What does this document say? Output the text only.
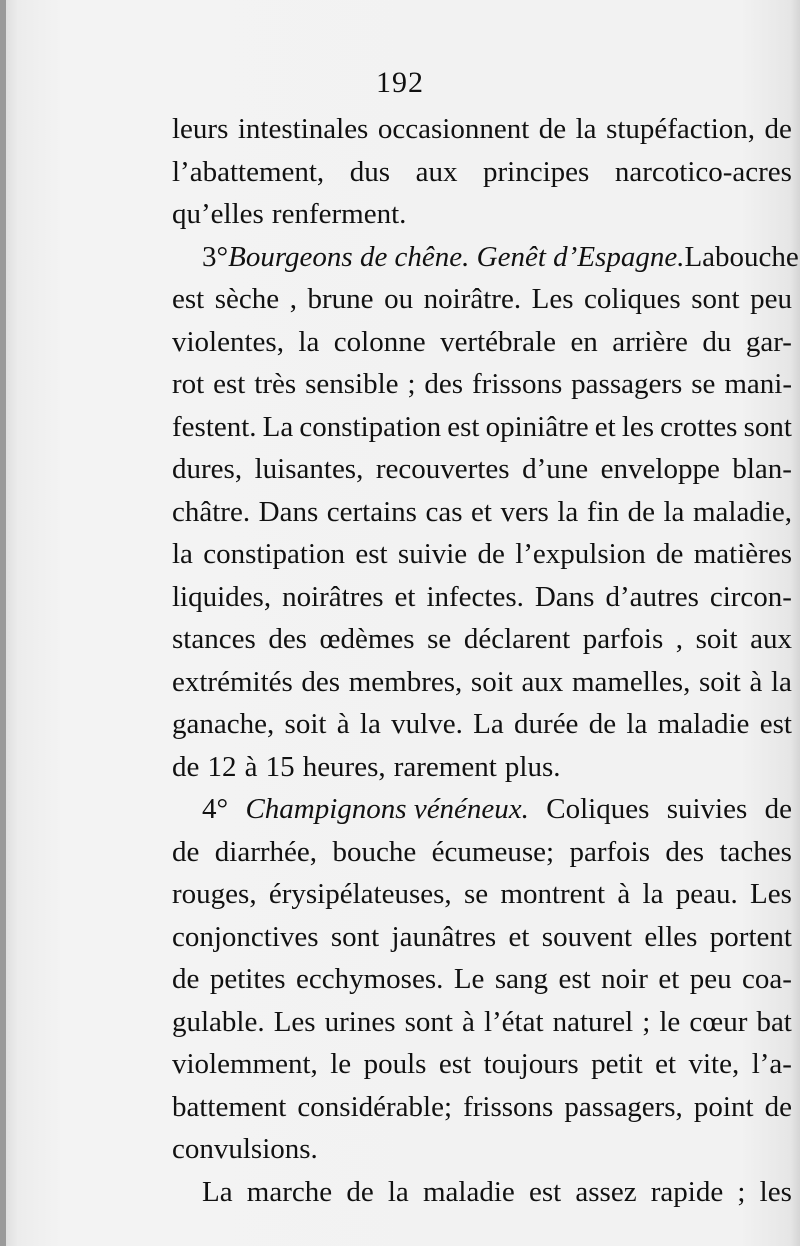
192
leurs intestinales occasionnent de la stupéfaction, de
l’abattement, dus aux principes narcotico-acres
qu’elles renferment.
3° Bourgeons de chêne. Genêt d’Espagne. La bouche
est sèche , brune ou noirâtre. Les coliques sont peu
violentes, la colonne vertébrale en arrière du gar-
rot est très sensible ; des frissons passagers se mani-
festent. La constipation est opiniâtre et les crottes sont
dures, luisantes, recouvertes d’une enveloppe blan-
châtre. Dans certains cas et vers la fin de la maladie,
la constipation est suivie de l’expulsion de matières
liquides, noirâtres et infectes. Dans d’autres circon-
stances des œdèmes se déclarent parfois , soit aux
extrémités des membres, soit aux mamelles, soit à la
ganache, soit à la vulve. La durée de la maladie est
de 12 à 15 heures, rarement plus.
4° Champignons vénéneux. Coliques suivies de
de diarrhée, bouche écumeuse; parfois des taches
rouges, érysipélateuses, se montrent à la peau. Les
conjonctives sont jaunâtres et souvent elles portent
de petites ecchymoses. Le sang est noir et peu coa-
gulable. Les urines sont à l’état naturel ; le cœur bat
violemment, le pouls est toujours petit et vite, l’a-
battement considérable; frissons passagers, point de
convulsions.
La marche de la maladie est assez rapide ; les
